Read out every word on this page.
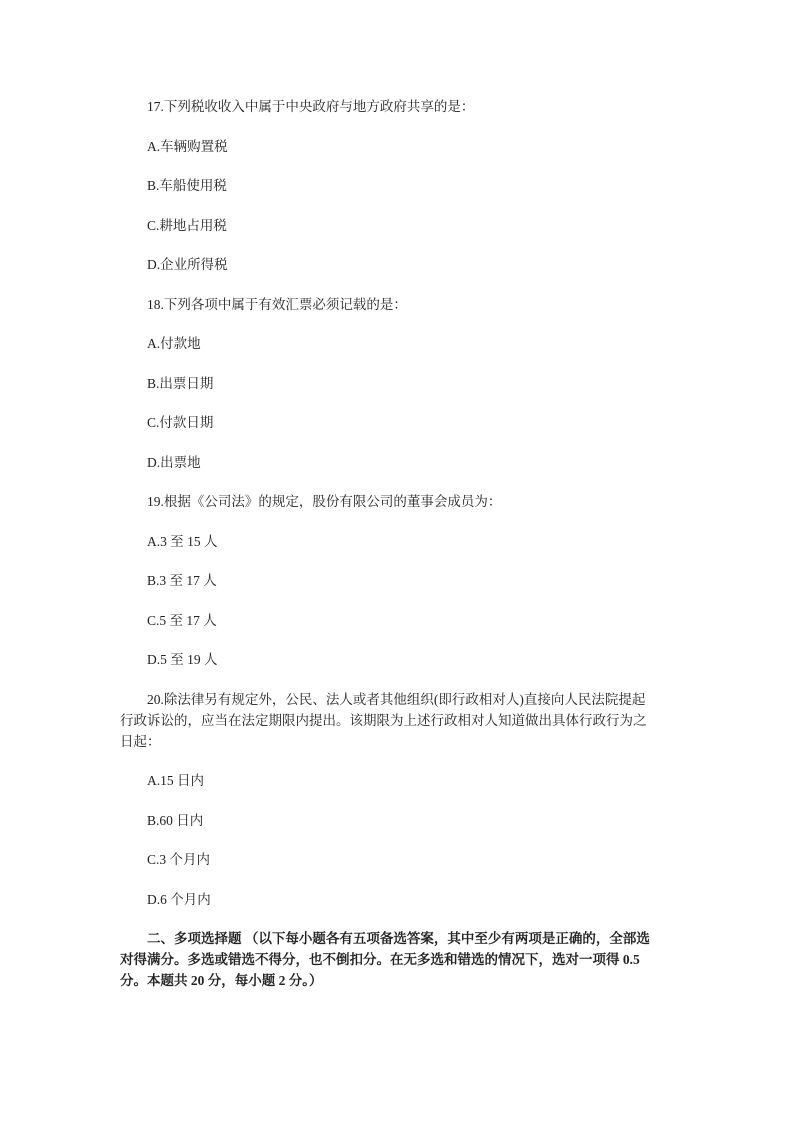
17.下列税收收入中属于中央政府与地方政府共享的是：
A.车辆购置税
B.车船使用税
C.耕地占用税
D.企业所得税
18.下列各项中属于有效汇票必须记载的是：
A.付款地
B.出票日期
C.付款日期
D.出票地
19.根据《公司法》的规定，股份有限公司的董事会成员为：
A.3 至 15 人
B.3 至 17 人
C.5 至 17 人
D.5 至 19 人
20.除法律另有规定外，公民、法人或者其他组织(即行政相对人)直接向人民法院提起
行政诉讼的，应当在法定期限内提出。该期限为上述行政相对人知道做出具体行政行为之
日起：
A.15 日内
B.60 日内
C.3 个月内
D.6 个月内
二、多项选择题 （以下每小题各有五项备选答案，其中至少有两项是正确的，全部选
对得满分。多选或错选不得分，也不倒扣分。在无多选和错选的情况下，选对一项得 0.5
分。本题共 20 分，每小题 2 分。）
